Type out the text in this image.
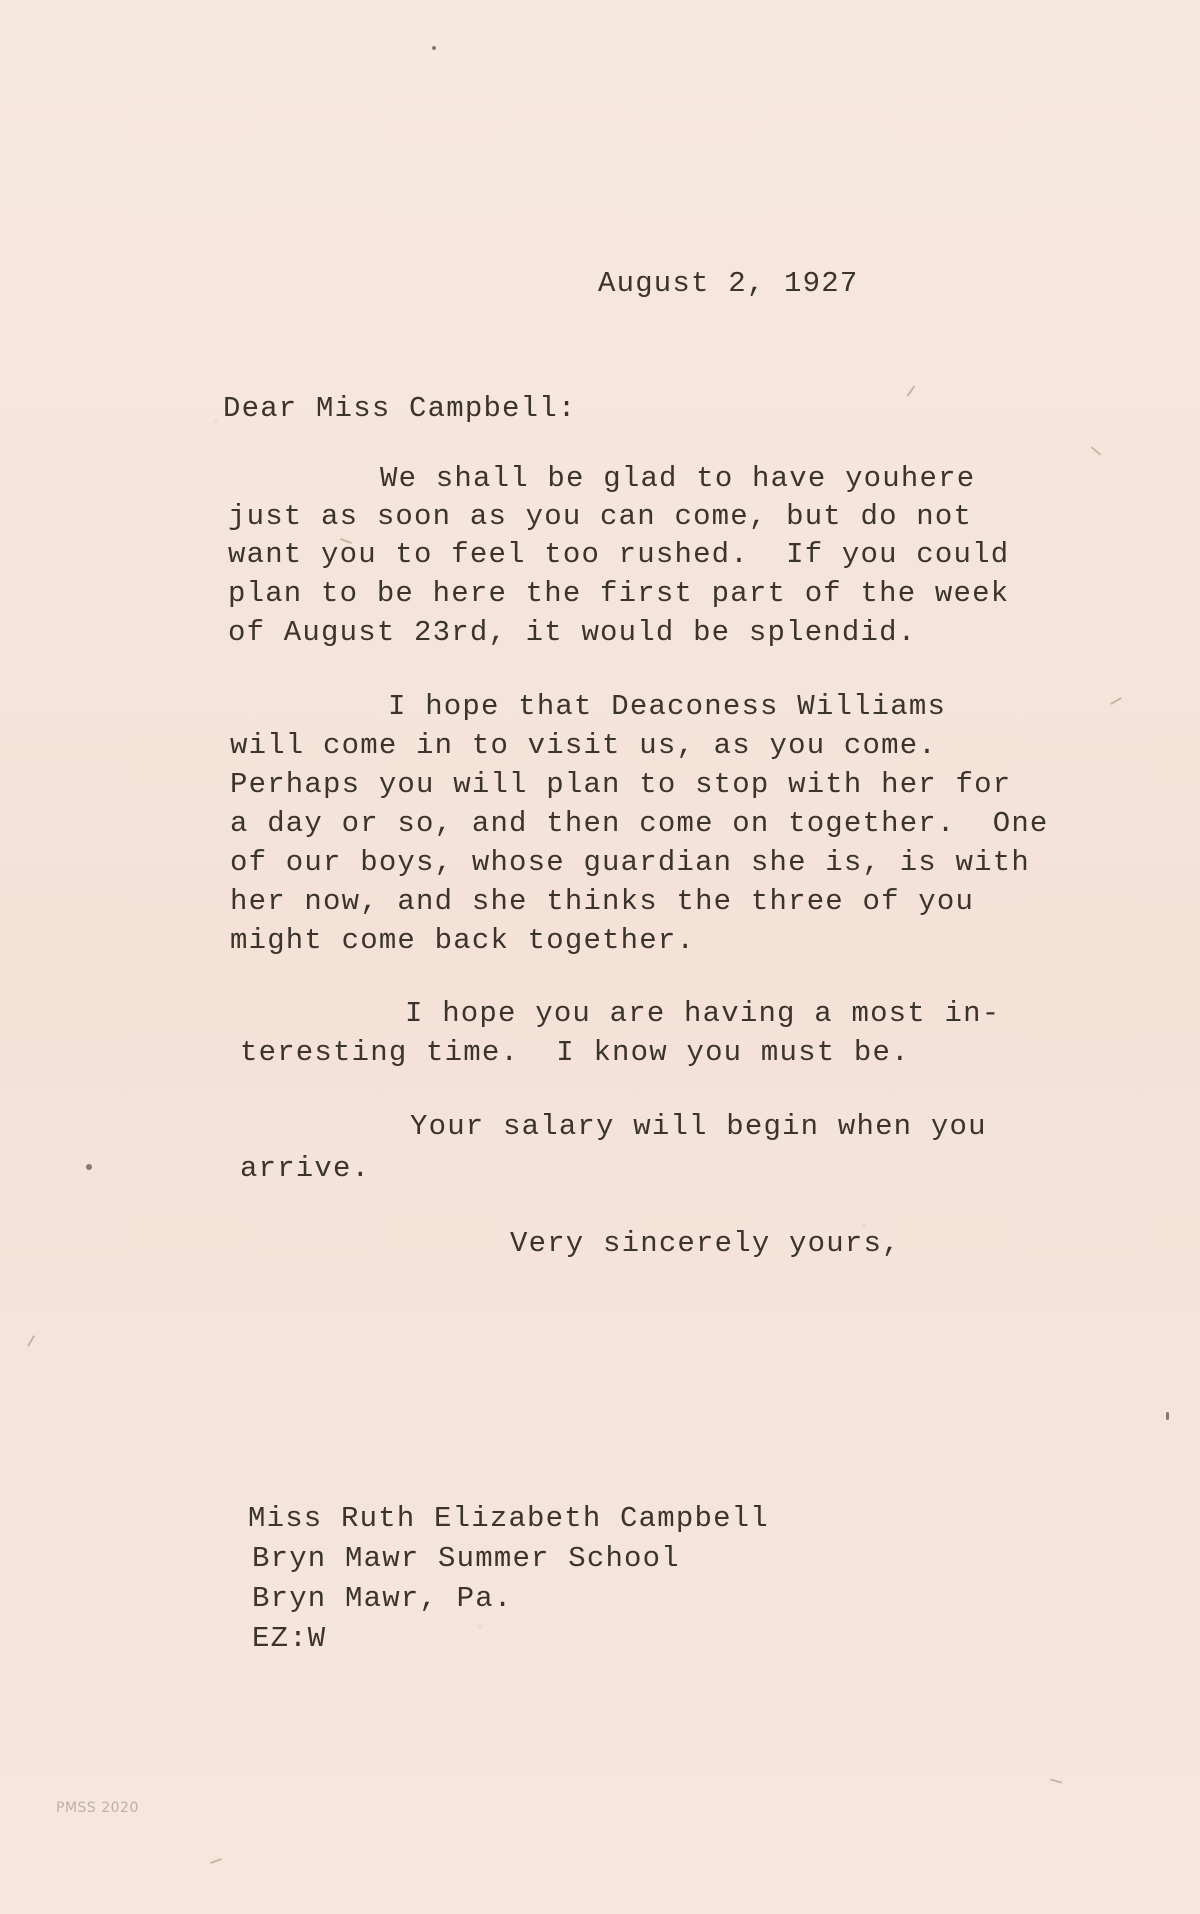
August 2, 1927
Dear Miss Campbell:
We shall be glad to have youhere
just as soon as you can come, but do not
want you to feel too rushed.  If you could
plan to be here the first part of the week
of August 23rd, it would be splendid.
I hope that Deaconess Williams
will come in to visit us, as you come.
Perhaps you will plan to stop with her for
a day or so, and then come on together.  One
of our boys, whose guardian she is, is with
her now, and she thinks the three of you
might come back together.
I hope you are having a most in-
teresting time.  I know you must be.
Your salary will begin when you
arrive.
Very sincerely yours,
Miss Ruth Elizabeth Campbell
Bryn Mawr Summer School
Bryn Mawr, Pa.
EZ:W
PMSS 2020
